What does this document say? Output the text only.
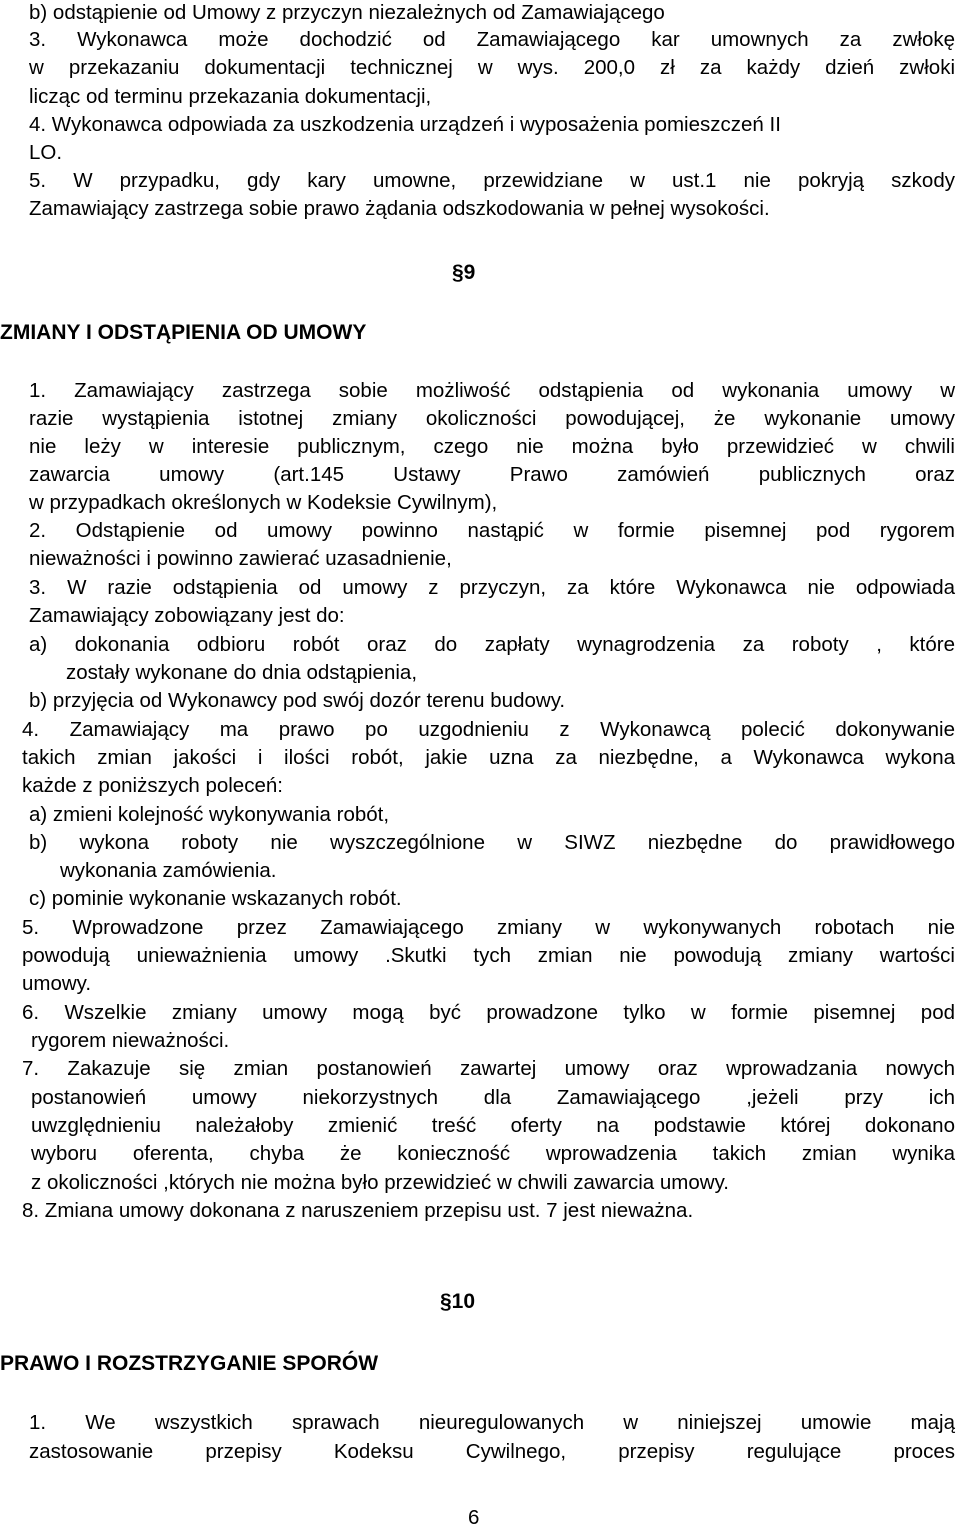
b) odstąpienie od Umowy z przyczyn niezależnych od Zamawiającego
3. Wykonawca może dochodzić od Zamawiającego kar umownych za zwłokę
w przekazaniu dokumentacji technicznej w wys. 200,0 zł za każdy dzień zwłoki
licząc od terminu przekazania dokumentacji,
4. Wykonawca odpowiada za uszkodzenia urządzeń i wyposażenia pomieszczeń II
LO.
5. W przypadku, gdy kary umowne, przewidziane w ust.1 nie pokryją szkody
Zamawiający zastrzega sobie prawo żądania odszkodowania w pełnej wysokości.
§9
ZMIANY I ODSTĄPIENIA OD UMOWY
1. Zamawiający zastrzega sobie możliwość odstąpienia od wykonania umowy w
razie wystąpienia istotnej zmiany okoliczności powodującej, że wykonanie umowy
nie leży w interesie publicznym, czego nie można było przewidzieć w chwili
zawarcia umowy (art.145 Ustawy Prawo zamówień publicznych oraz
w przypadkach określonych w Kodeksie Cywilnym),
2. Odstąpienie od umowy powinno nastąpić w formie pisemnej pod rygorem
nieważności i powinno zawierać uzasadnienie,
3. W razie odstąpienia od umowy z przyczyn, za które Wykonawca nie odpowiada
Zamawiający zobowiązany jest do:
a) dokonania odbioru robót oraz do zapłaty wynagrodzenia za roboty , które
zostały wykonane do dnia odstąpienia,
b) przyjęcia od Wykonawcy pod swój dozór terenu budowy.
4. Zamawiający ma prawo po uzgodnieniu z Wykonawcą polecić dokonywanie
takich zmian jakości i ilości robót, jakie uzna za niezbędne, a Wykonawca wykona
każde z poniższych poleceń:
a) zmieni kolejność wykonywania robót,
b) wykona roboty nie wyszczególnione w SIWZ niezbędne do prawidłowego
wykonania zamówienia.
c) pominie wykonanie wskazanych robót.
5. Wprowadzone przez Zamawiającego zmiany w wykonywanych robotach nie
powodują unieważnienia umowy .Skutki tych zmian nie powodują zmiany wartości
umowy.
6. Wszelkie zmiany umowy mogą być prowadzone tylko w formie pisemnej pod
rygorem nieważności.
7. Zakazuje się zmian postanowień zawartej umowy oraz wprowadzania nowych
postanowień umowy niekorzystnych dla Zamawiającego ,jeżeli przy ich
uwzględnieniu należałoby zmienić treść oferty na podstawie której dokonano
wyboru oferenta, chyba że konieczność wprowadzenia takich zmian wynika
z okoliczności ,których nie można było przewidzieć w chwili zawarcia umowy.
8. Zmiana umowy dokonana z naruszeniem przepisu ust. 7 jest nieważna.
§10
PRAWO I ROZSTRZYGANIE SPORÓW
1. We wszystkich sprawach nieuregulowanych w niniejszej umowie mają
zastosowanie przepisy Kodeksu Cywilnego, przepisy regulujące proces
6
